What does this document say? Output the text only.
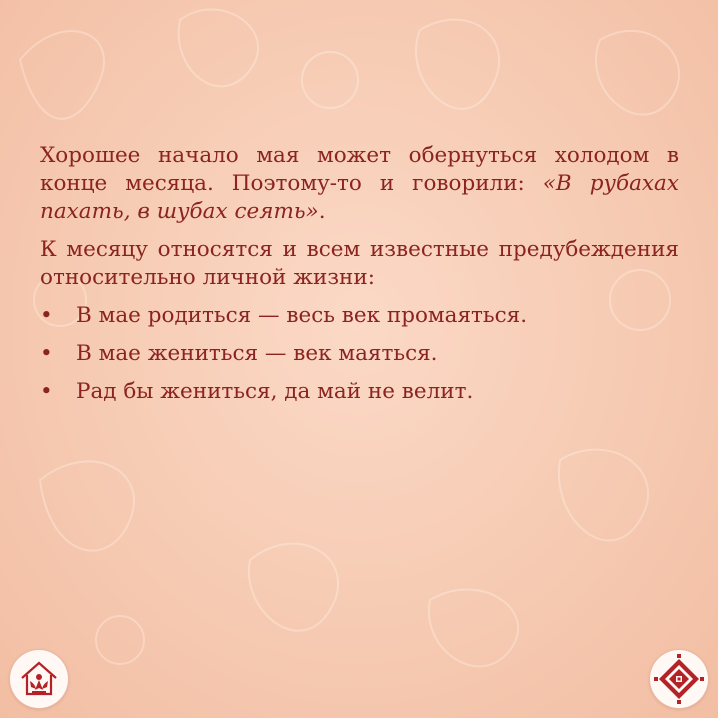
Хорошее начало мая может обернуться холодом в конце месяца. Поэтому-то и говорили: «В рубахах пахать, в шубах сеять».

К месяцу относятся и всем известные предубеждения относительно личной жизни:

• В мае родиться — весь век промаяться.
• В мае жениться — век маяться.
• Рад бы жениться, да май не велит.
